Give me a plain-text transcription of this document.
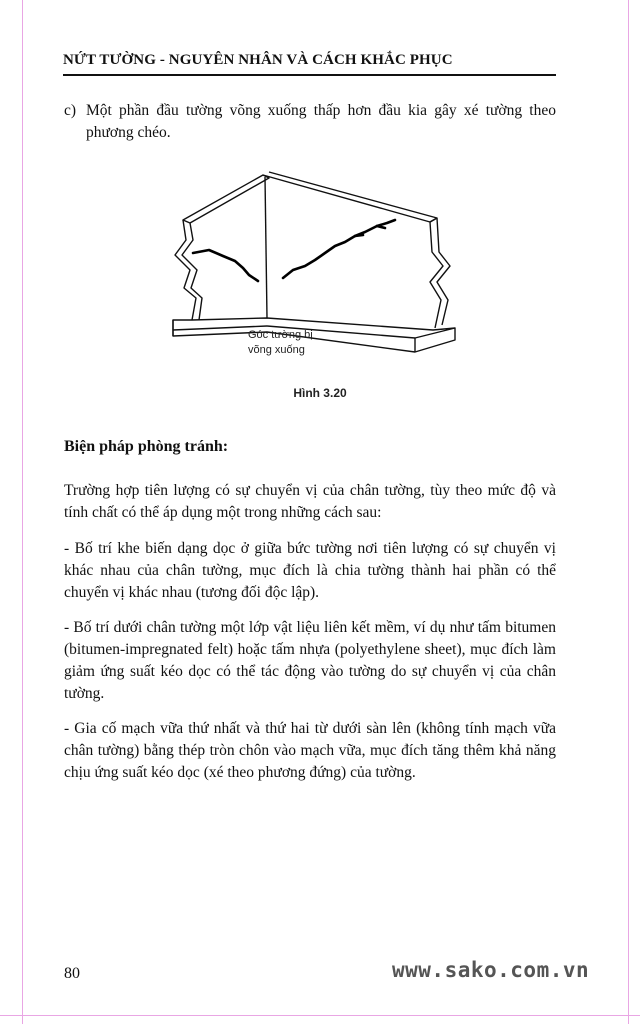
NỨT TƯỜNG - NGUYÊN NHÂN VÀ CÁCH KHẮC PHỤC
c) Một phần đầu tường võng xuống thấp hơn đầu kia gây xé tường theo phương chéo.
Góc tường bị võng xuống
Hình 3.20
Biện pháp phòng tránh:
Trường hợp tiên lượng có sự chuyển vị của chân tường, tùy theo mức độ và tính chất có thể áp dụng một trong những cách sau:
- Bố trí khe biến dạng dọc ở giữa bức tường nơi tiên lượng có sự chuyển vị khác nhau của chân tường, mục đích là chia tường thành hai phần có thể chuyển vị khác nhau (tương đối độc lập).
- Bố trí dưới chân tường một lớp vật liệu liên kết mềm, ví dụ như tấm bitumen (bitumen-impregnated felt) hoặc tấm nhựa (polyethylene sheet), mục đích làm giảm ứng suất kéo dọc có thể tác động vào tường do sự chuyển vị của chân tường.
- Gia cố mạch vữa thứ nhất và thứ hai từ dưới sàn lên (không tính mạch vữa chân tường) bằng thép tròn chôn vào mạch vữa, mục đích tăng thêm khả năng chịu ứng suất kéo dọc (xé theo phương đứng) của tường.
80	www.sako.com.vn
